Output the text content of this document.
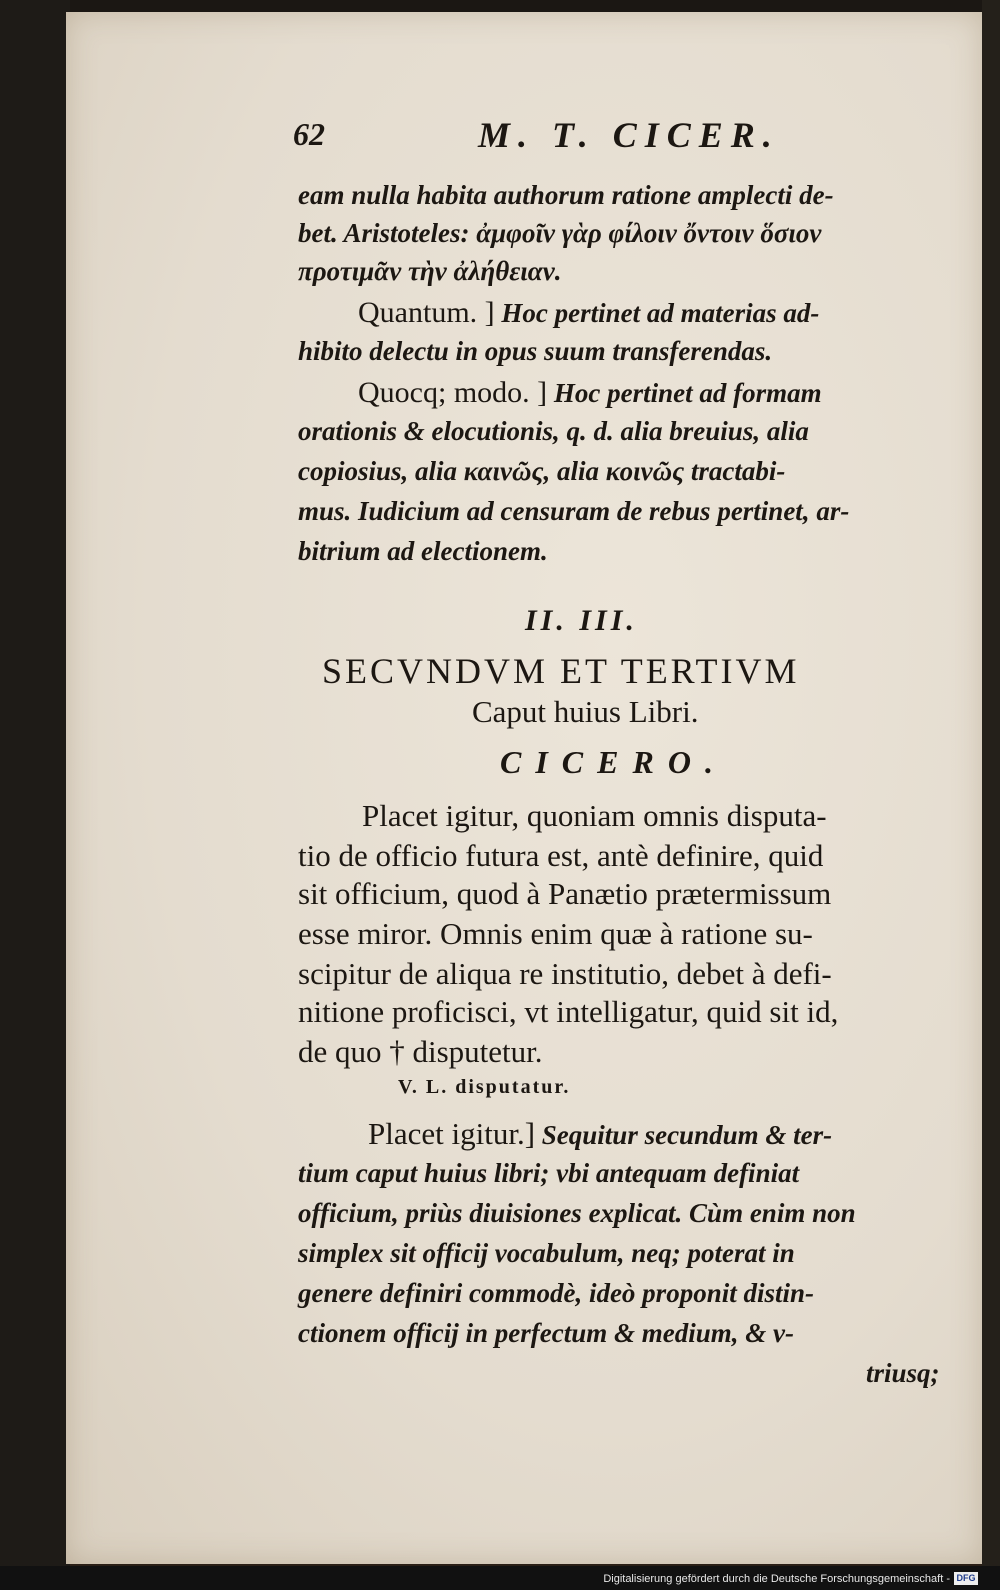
62	M. T. CICER.
eam nulla habita authorum ratione amplecti de-
bet. Aristoteles: ἀμφοῖν γὰρ φίλοιν ὄντοιν ὅσιον
προτιμᾶν τὴν ἀλήθειαν.
Quantum. ] Hoc pertinet ad materias ad-
hibito delectu in opus suum transferendas.
Quocq; modo. ] Hoc pertinet ad formam
orationis & elocutionis, q. d. alia breuius, alia
copiosius, alia καινῶς, alia κοινῶς tractabi-
mus. Iudicium ad censuram de rebus pertinet, ar-
bitrium ad electionem.
II. III.
SECVNDVM ET TERTIVM
Caput huius Libri.
CICERO.
Placet igitur, quoniam omnis disputa-
tio de officio futura est, antè definire, quid
sit officium, quod à Panætio prætermissum
esse miror. Omnis enim quæ à ratione su-
scipitur de aliqua re institutio, debet à defi-
nitione proficisci, vt intelligatur, quid sit id,
de quo † disputetur.
V. L. disputatur.
Placet igitur.] Sequitur secundum & ter-
tium caput huius libri; vbi antequam definiat
officium, priùs diuisiones explicat. Cùm enim non
simplex sit officij vocabulum, neq; poterat in
genere definiri commodè, ideò proponit distin-
ctionem officij in perfectum & medium, & v-
triusq;
Digitalisierung gefördert durch die Deutsche Forschungsgemeinschaft - DFG
